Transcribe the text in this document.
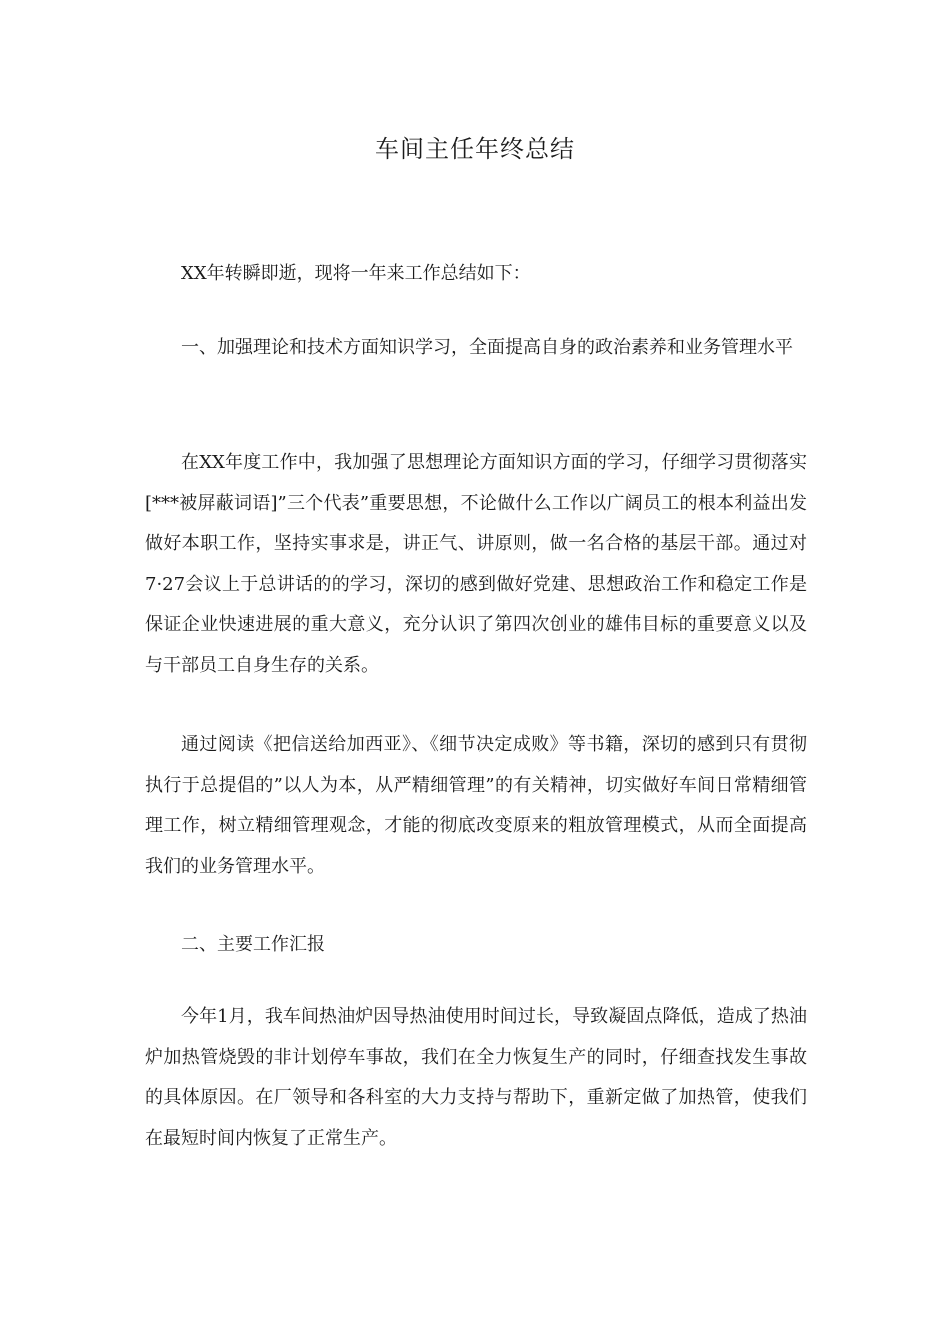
车间主任年终总结

XX年转瞬即逝，现将一年来工作总结如下：

一、加强理论和技术方面知识学习，全面提高自身的政治素养和业务管理水平

在XX年度工作中，我加强了思想理论方面知识方面的学习，仔细学习贯彻落实[***被屏蔽词语]”三个代表”重要思想，不论做什么工作以广阔员工的根本利益出发做好本职工作，坚持实事求是，讲正气、讲原则，做一名合格的基层干部。通过对7·27会议上于总讲话的的学习，深切的感到做好党建、思想政治工作和稳定工作是保证企业快速进展的重大意义，充分认识了第四次创业的雄伟目标的重要意义以及与干部员工自身生存的关系。

通过阅读《把信送给加西亚》、《细节决定成败》等书籍，深切的感到只有贯彻执行于总提倡的”以人为本，从严精细管理”的有关精神，切实做好车间日常精细管理工作，树立精细管理观念，才能的彻底改变原来的粗放管理模式，从而全面提高我们的业务管理水平。

二、主要工作汇报

今年1月，我车间热油炉因导热油使用时间过长，导致凝固点降低，造成了热油炉加热管烧毁的非计划停车事故，我们在全力恢复生产的同时，仔细查找发生事故的具体原因。在厂领导和各科室的大力支持与帮助下，重新定做了加热管，使我们在最短时间内恢复了正常生产。
